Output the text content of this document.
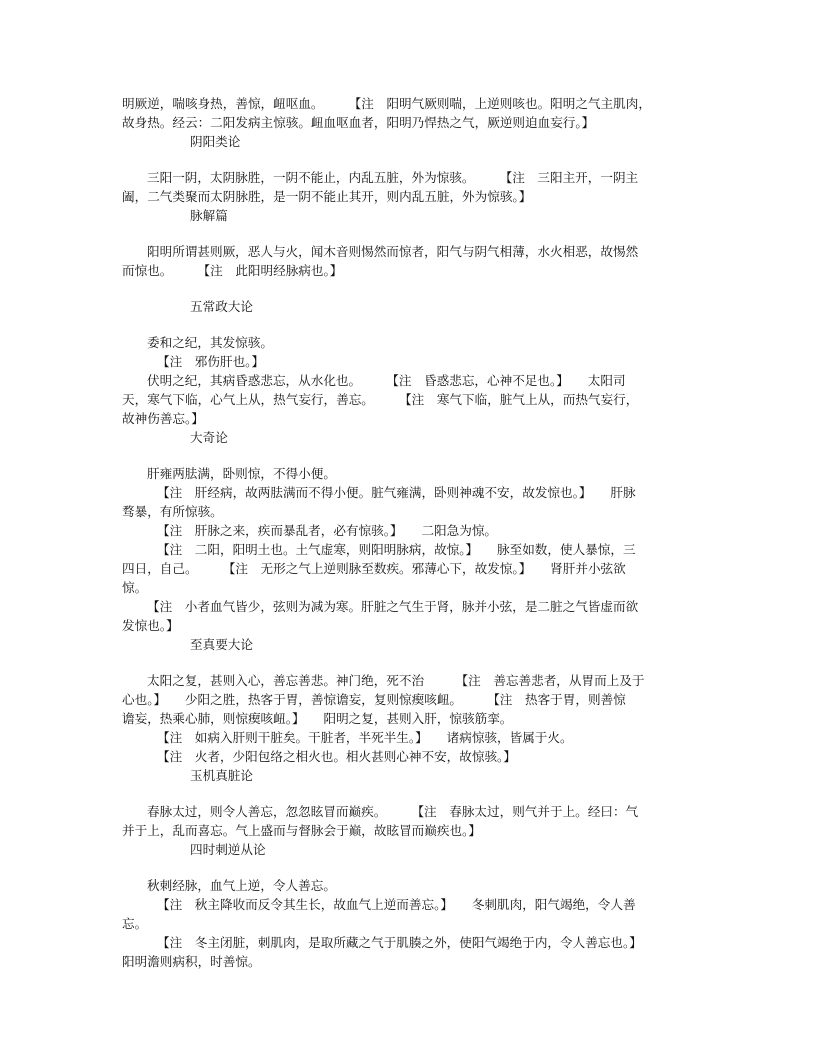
明厥逆，喘咳身热，善惊，衄呕血。　　　【注　阳明气厥则喘，上逆则咳也。阳明之气主肌肉，

故身热。经云：二阳发病主惊骇。衄血呕血者，阳明乃悍热之气，厥逆则迫血妄行。】

阴阳类论

三阳一阴，太阴脉胜，一阴不能止，内乱五脏，外为惊骇。　　　【注　三阳主开，一阴主

阖，二气类聚而太阴脉胜，是一阴不能止其开，则内乱五脏，外为惊骇。】

脉解篇

阳明所谓甚则厥，恶人与火，闻木音则惕然而惊者，阳气与阴气相薄，水火相恶，故惕然

而惊也。　　　【注　此阳明经脉病也。】

五常政大论

委和之纪，其发惊骇。

【注　邪伤肝也。】

伏明之纪，其病昏惑悲忘，从水化也。　　　【注　昏惑悲忘，心神不足也。】　　太阳司

天，寒气下临，心气上从，热气妄行，善忘。　　　【注　寒气下临，脏气上从，而热气妄行，

故神伤善忘。】

大奇论

肝雍两胠满，卧则惊，不得小便。

【注　肝经病，故两胠满而不得小便。脏气雍满，卧则神魂不安，故发惊也。】　　肝脉

骛暴，有所惊骇。

【注　肝脉之来，疾而暴乱者，必有惊骇。】　　二阳急为惊。

【注　二阳，阳明土也。土气虚寒，则阳明脉病，故惊。】　　脉至如数，使人暴惊，三

四日，自己。　　　【注　无形之气上逆则脉至数疾。邪薄心下，故发惊。】　　肾肝并小弦欲

惊。

【注　小者血气皆少，弦则为减为寒。肝脏之气生于肾，脉并小弦，是二脏之气皆虚而欲

发惊也。】

至真要大论

太阳之复，甚则入心，善忘善悲。神门绝，死不治　　　【注　善忘善悲者，从胃而上及于

心也。】　　少阳之胜，热客于胃，善惊谵妄，复则惊瘈咳衄。　　　【注　热客于胃，则善惊

谵妄，热乘心肺，则惊瘈咳衄。】　　阳明之复，甚则入肝，惊骇筋挛。

【注　如病入肝则干脏矣。干脏者，半死半生。】　　诸病惊骇，皆属于火。

【注　火者，少阳包络之相火也。相火甚则心神不安，故惊骇。】

玉机真脏论

春脉太过，则令人善忘，忽忽眩冒而巅疾。　　　【注　春脉太过，则气并于上。经曰：气

并于上，乱而喜忘。气上盛而与督脉会于巅，故眩冒而巅疾也。】

四时刺逆从论

秋刺经脉，血气上逆，令人善忘。

【注　秋主降收而反令其生长，故血气上逆而善忘。】　　冬刺肌肉，阳气竭绝，令人善

忘。

【注　冬主闭脏，刺肌肉，是取所藏之气于肌腠之外，使阳气竭绝于内，令人善忘也。】

阳明澹则病积，时善惊。
